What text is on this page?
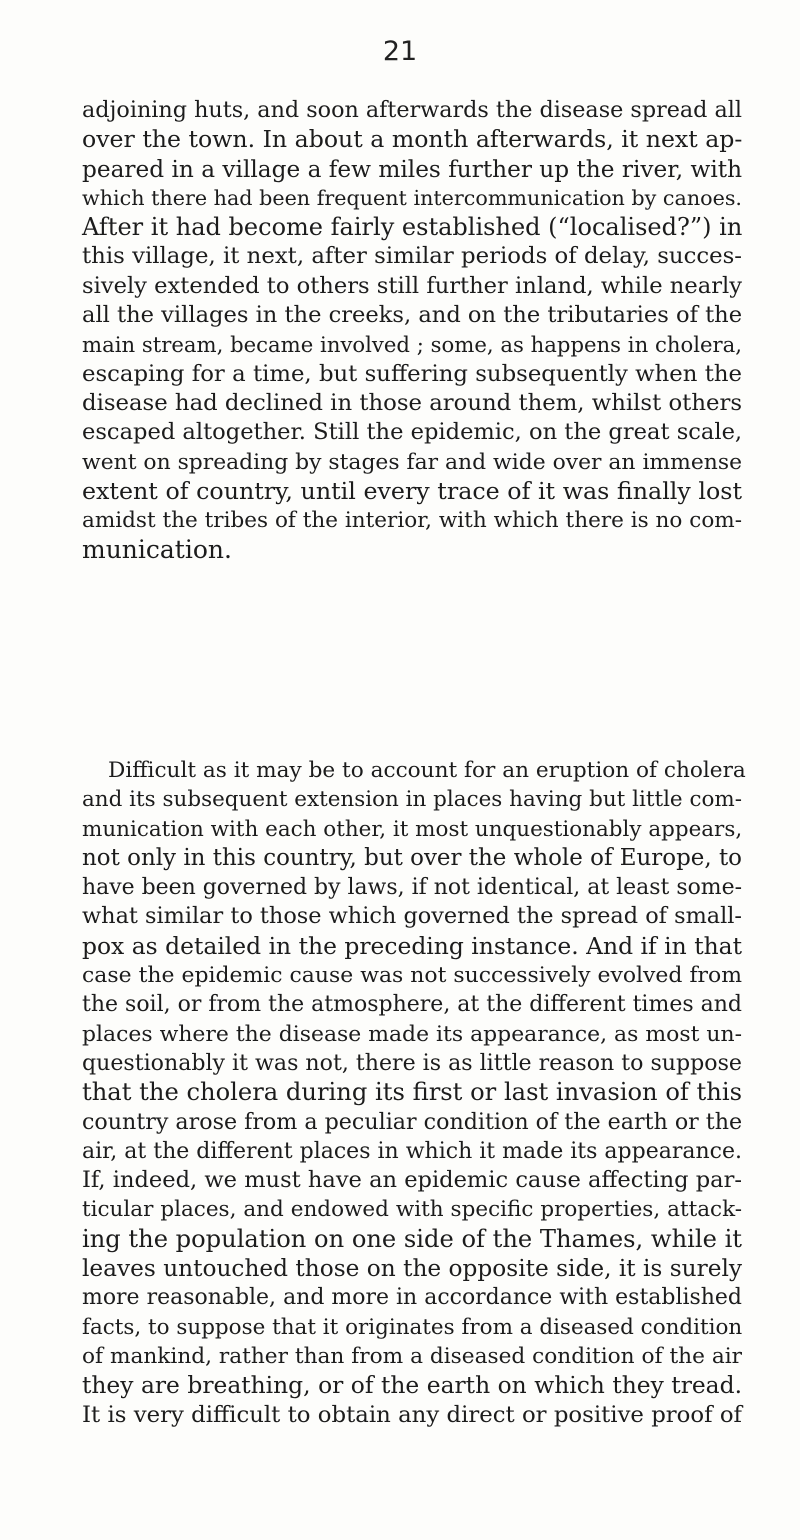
21
adjoining huts, and soon afterwards the disease spread all
over the town. In about a month afterwards, it next ap-
peared in a village a few miles further up the river, with
which there had been frequent intercommunication by canoes.
After it had become fairly established (“localised?”) in
this village, it next, after similar periods of delay, succes-
sively extended to others still further inland, while nearly
all the villages in the creeks, and on the tributaries of the
main stream, became involved ; some, as happens in cholera,
escaping for a time, but suffering subsequently when the
disease had declined in those around them, whilst others
escaped altogether. Still the epidemic, on the great scale,
went on spreading by stages far and wide over an immense
extent of country, until every trace of it was finally lost
amidst the tribes of the interior, with which there is no com-
munication.
Difficult as it may be to account for an eruption of cholera
and its subsequent extension in places having but little com-
munication with each other, it most unquestionably appears,
not only in this country, but over the whole of Europe, to
have been governed by laws, if not identical, at least some-
what similar to those which governed the spread of small-
pox as detailed in the preceding instance. And if in that
case the epidemic cause was not successively evolved from
the soil, or from the atmosphere, at the different times and
places where the disease made its appearance, as most un-
questionably it was not, there is as little reason to suppose
that the cholera during its first or last invasion of this
country arose from a peculiar condition of the earth or the
air, at the different places in which it made its appearance.
If, indeed, we must have an epidemic cause affecting par-
ticular places, and endowed with specific properties, attack-
ing the population on one side of the Thames, while it
leaves untouched those on the opposite side, it is surely
more reasonable, and more in accordance with established
facts, to suppose that it originates from a diseased condition
of mankind, rather than from a diseased condition of the air
they are breathing, or of the earth on which they tread.
It is very difficult to obtain any direct or positive proof of
